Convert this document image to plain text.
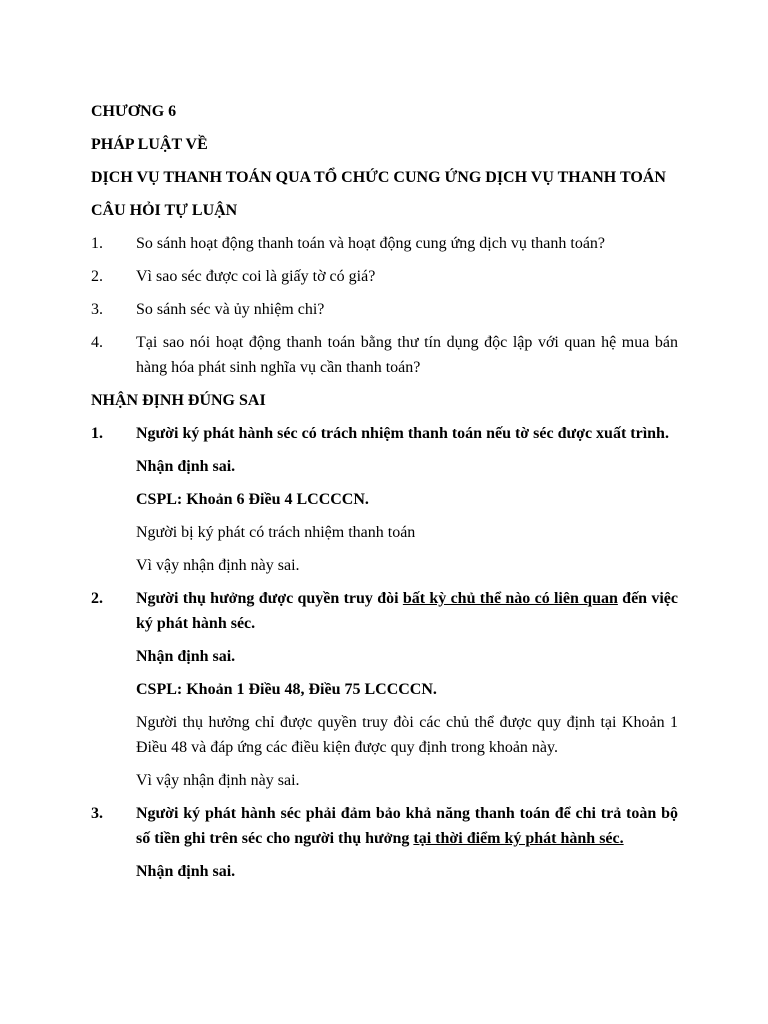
CHƯƠNG 6

PHÁP LUẬT VỀ

DỊCH VỤ THANH TOÁN QUA TỔ CHỨC CUNG ỨNG DỊCH VỤ THANH TOÁN

CÂU HỎI TỰ LUẬN

1. So sánh hoạt động thanh toán và hoạt động cung ứng dịch vụ thanh toán?
2. Vì sao séc được coi là giấy tờ có giá?
3. So sánh séc và ủy nhiệm chi?
4. Tại sao nói hoạt động thanh toán bằng thư tín dụng độc lập với quan hệ mua bán hàng hóa phát sinh nghĩa vụ cần thanh toán?

NHẬN ĐỊNH ĐÚNG SAI

1. Người ký phát hành séc có trách nhiệm thanh toán nếu tờ séc được xuất trình.

Nhận định sai.

CSPL: Khoản 6 Điều 4 LCCCCN.

Người bị ký phát có trách nhiệm thanh toán

Vì vậy nhận định này sai.

2. Người thụ hưởng được quyền truy đòi bất kỳ chủ thể nào có liên quan đến việc ký phát hành séc.

Nhận định sai.

CSPL: Khoản 1 Điều 48, Điều 75 LCCCCN.

Người thụ hưởng chỉ được quyền truy đòi các chủ thể được quy định tại Khoản 1 Điều 48 và đáp ứng các điều kiện được quy định trong khoản này.

Vì vậy nhận định này sai.

3. Người ký phát hành séc phải đảm bảo khả năng thanh toán để chi trả toàn bộ số tiền ghi trên séc cho người thụ hưởng tại thời điểm ký phát hành séc.

Nhận định sai.
